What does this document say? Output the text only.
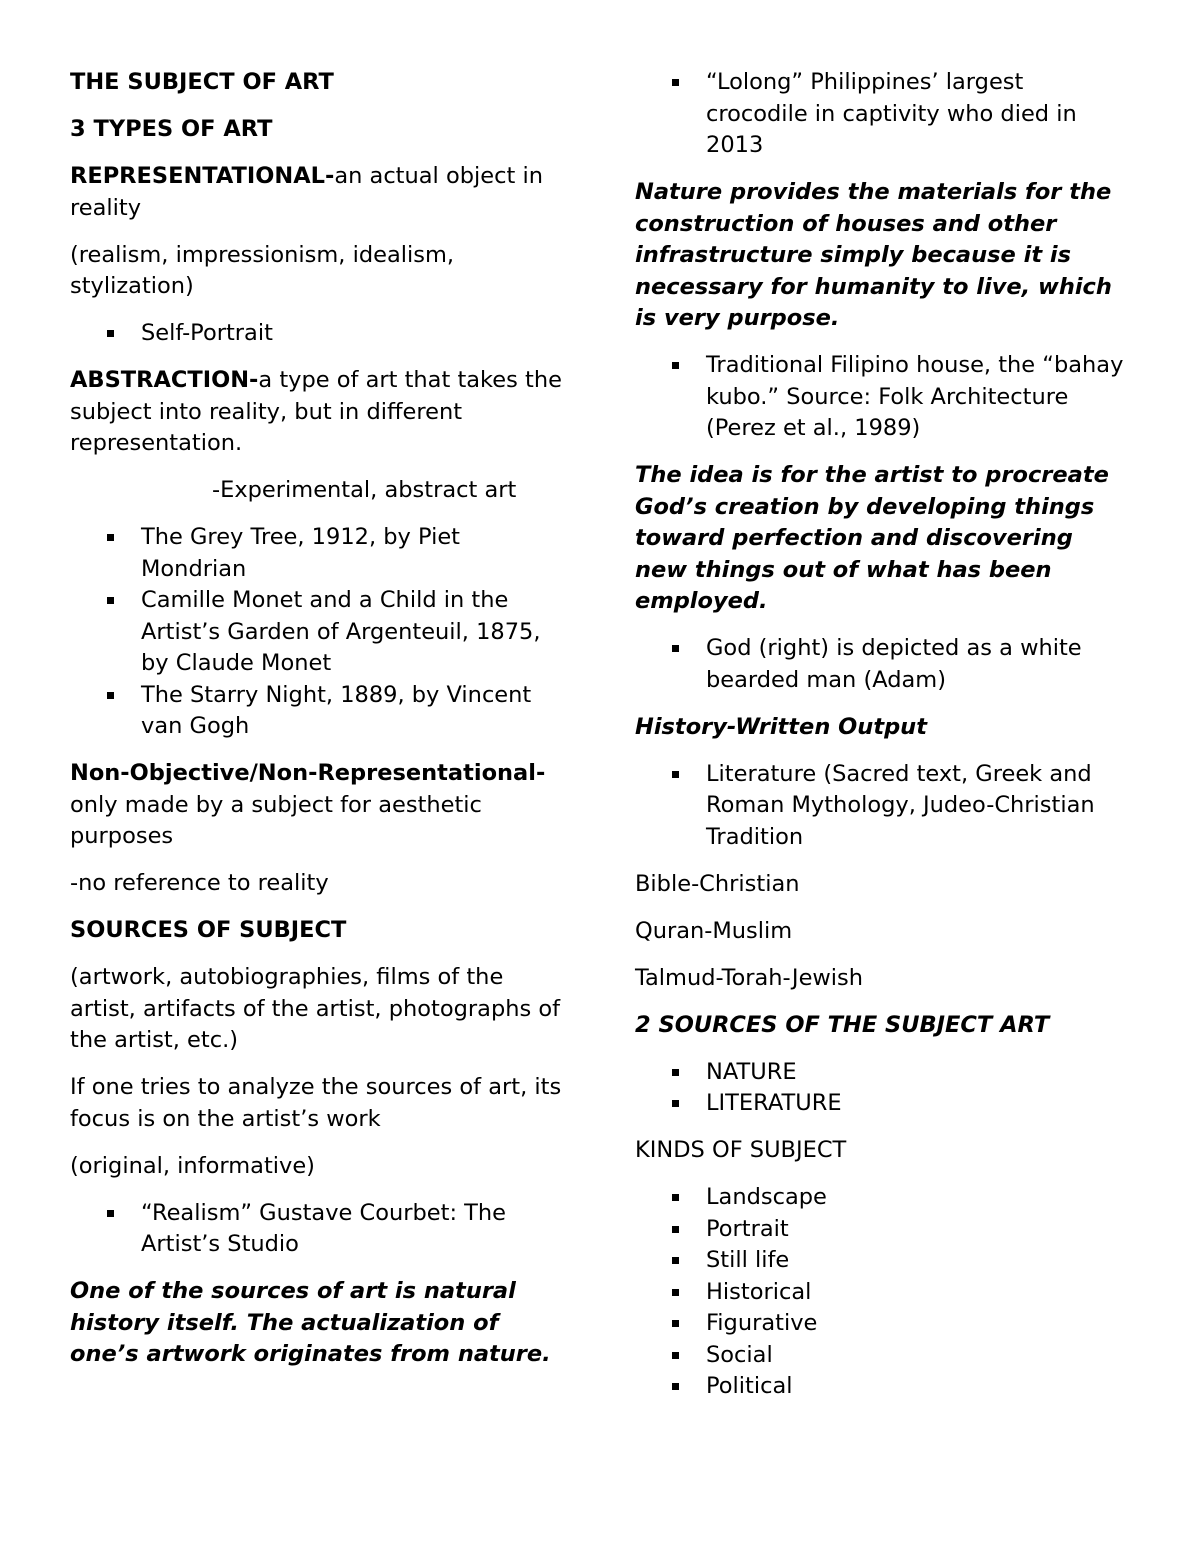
THE SUBJECT OF ART

3 TYPES OF ART

REPRESENTATIONAL-an actual object in reality

(realism, impressionism, idealism, stylization)

Self-Portrait

ABSTRACTION-a type of art that takes the subject into reality, but in different representation.

-Experimental, abstract art

The Grey Tree, 1912, by Piet Mondrian
Camille Monet and a Child in the Artist’s Garden of Argenteuil, 1875, by Claude Monet
The Starry Night, 1889, by Vincent van Gogh

Non-Objective/Non-Representational-only made by a subject for aesthetic purposes

-no reference to reality

SOURCES OF SUBJECT

(artwork, autobiographies, films of the artist, artifacts of the artist, photographs of the artist, etc.)

If one tries to analyze the sources of art, its focus is on the artist’s work

(original, informative)

“Realism” Gustave Courbet: The Artist’s Studio

One of the sources of art is natural history itself. The actualization of one’s artwork originates from nature.

“Lolong” Philippines’ largest crocodile in captivity who died in 2013

Nature provides the materials for the construction of houses and other infrastructure simply because it is necessary for humanity to live, which is very purpose.

Traditional Filipino house, the “bahay kubo.” Source: Folk Architecture (Perez et al., 1989)

The idea is for the artist to procreate God’s creation by developing things toward perfection and discovering new things out of what has been employed.

God (right) is depicted as a white bearded man (Adam)

History-Written Output

Literature (Sacred text, Greek and Roman Mythology, Judeo-Christian Tradition

Bible-Christian

Quran-Muslim

Talmud-Torah-Jewish

2 SOURCES OF THE SUBJECT ART

NATURE
LITERATURE

KINDS OF SUBJECT

Landscape
Portrait
Still life
Historical
Figurative
Social
Political
